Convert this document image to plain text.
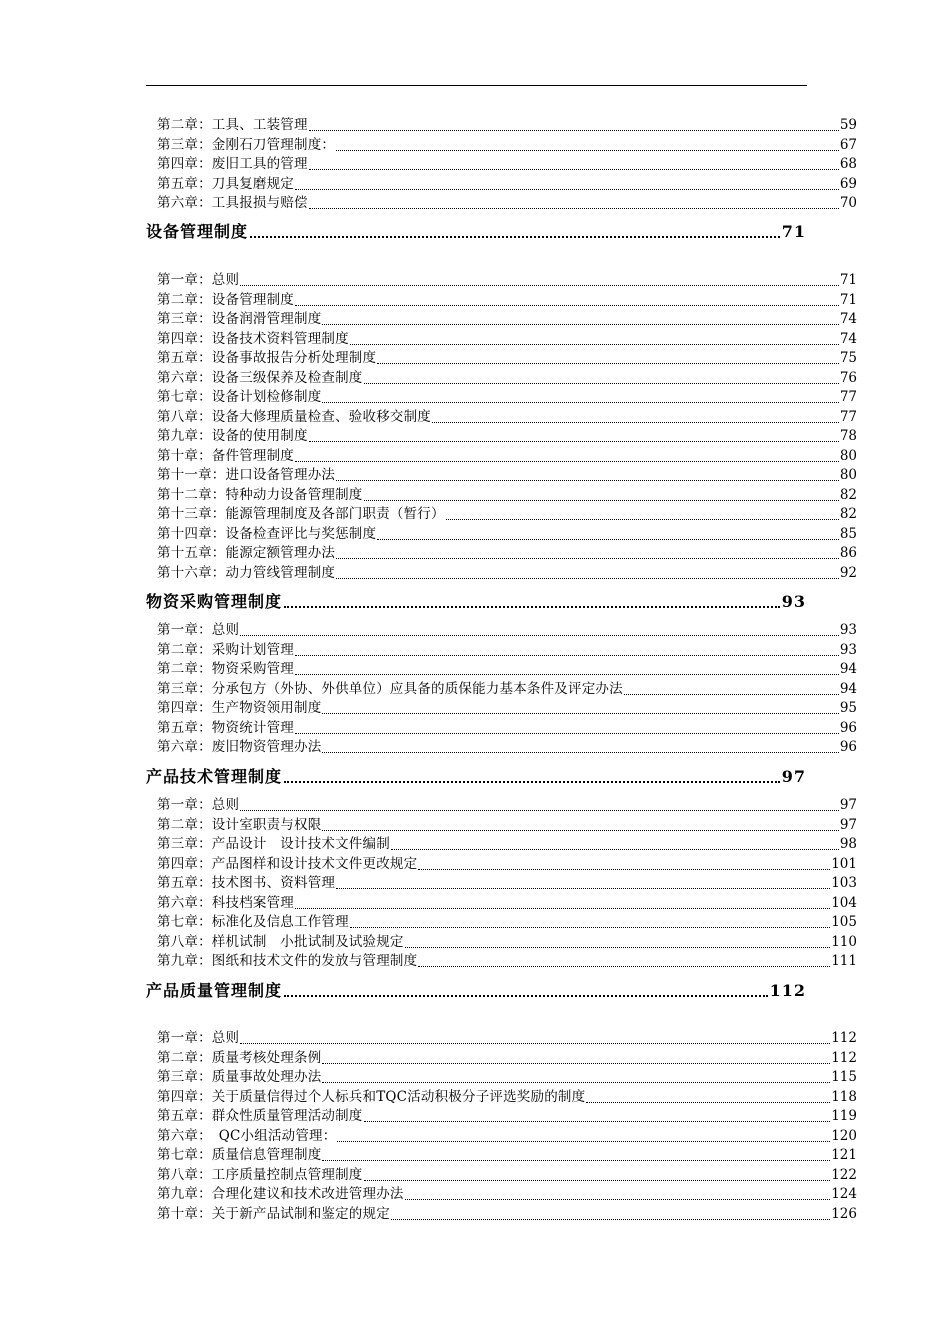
第二章：工具、工装管理	59
第三章：金刚石刀管理制度：	67
第四章：废旧工具的管理	68
第五章：刀具复磨规定	69
第六章：工具报损与赔偿	70
设备管理制度	71
第一章：总则	71
第二章：设备管理制度	71
第三章：设备润滑管理制度	74
第四章：设备技术资料管理制度	74
第五章：设备事故报告分析处理制度	75
第六章：设备三级保养及检查制度	76
第七章：设备计划检修制度	77
第八章：设备大修理质量检查、验收移交制度	77
第九章：设备的使用制度	78
第十章：备件管理制度	80
第十一章：进口设备管理办法	80
第十二章：特种动力设备管理制度	82
第十三章：能源管理制度及各部门职责（暂行）	82
第十四章：设备检查评比与奖惩制度	85
第十五章：能源定额管理办法	86
第十六章：动力管线管理制度	92
物资采购管理制度	93
第一章：总则	93
第二章：采购计划管理	93
第二章：物资采购管理	94
第三章：分承包方（外协、外供单位）应具备的质保能力基本条件及评定办法	94
第四章：生产物资领用制度	95
第五章：物资统计管理	96
第六章：废旧物资管理办法	96
产品技术管理制度	97
第一章：总则	97
第二章：设计室职责与权限	97
第三章：产品设计　设计技术文件编制	98
第四章：产品图样和设计技术文件更改规定	101
第五章：技术图书、资料管理	103
第六章：科技档案管理	104
第七章：标准化及信息工作管理	105
第八章：样机试制　小批试制及试验规定	110
第九章：图纸和技术文件的发放与管理制度	111
产品质量管理制度	112
第一章：总则	112
第二章：质量考核处理条例	112
第三章：质量事故处理办法	115
第四章：关于质量信得过个人标兵和TQC活动积极分子评选奖励的制度	118
第五章：群众性质量管理活动制度	119
第六章：　QC小组活动管理：	120
第七章：质量信息管理制度	121
第八章：工序质量控制点管理制度	122
第九章：合理化建议和技术改进管理办法	124
第十章：关于新产品试制和鉴定的规定	126
